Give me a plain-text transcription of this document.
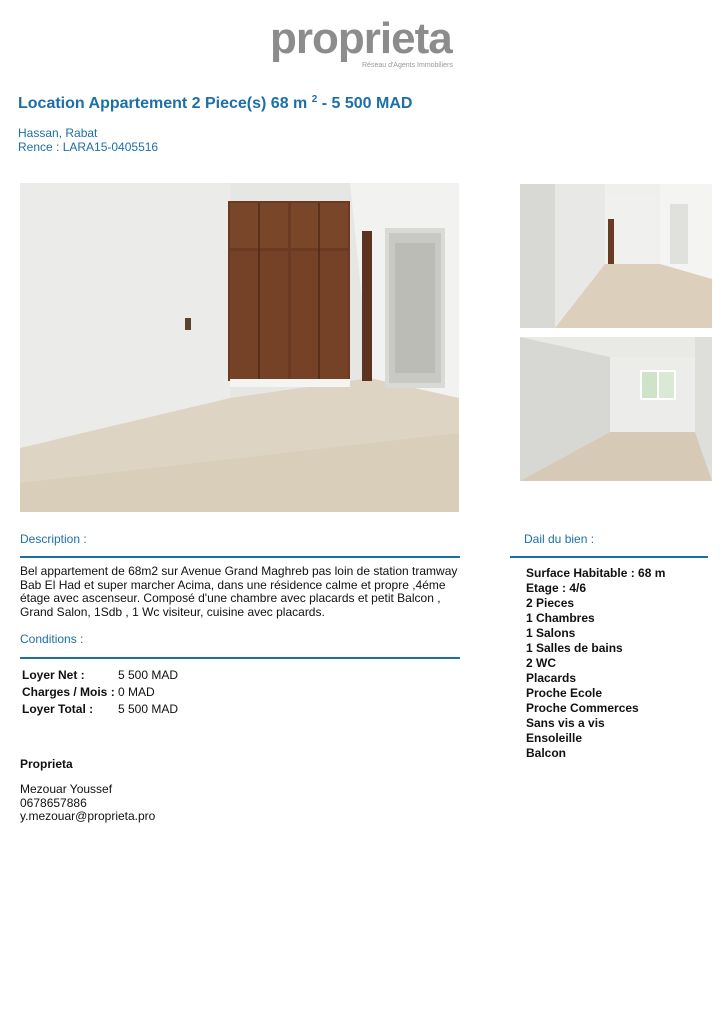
proprieta
Réseau d'Agents Immobiliers
Location Appartement 2 Piece(s) 68 m $^2$ - 5 500 MAD
Hassan, Rabat
Rence : LARA15-0405516
Description :
Bel appartement de 68m2 sur Avenue Grand Maghreb pas loin de station tramway Bab El Had et super marcher Acima, dans une résidence calme et propre ,4éme étage avec ascenseur. Composé d'une chambre avec placards et petit Balcon , Grand Salon, 1Sdb , 1 Wc visiteur, cuisine avec placards.
Conditions :
Loyer Net :	5 500 MAD
Charges / Mois : 0 MAD
Loyer Total : 5 500 MAD
Dail du bien :
Surface Habitable : 68 m
Etage : 4/6
2 Pieces
1 Chambres
1 Salons
1 Salles de bains
2 WC
Placards
Proche Ecole
Proche Commerces
Sans vis a vis
Ensoleille
Balcon
Proprieta
Mezouar Youssef
0678657886
y.mezouar@proprieta.pro
